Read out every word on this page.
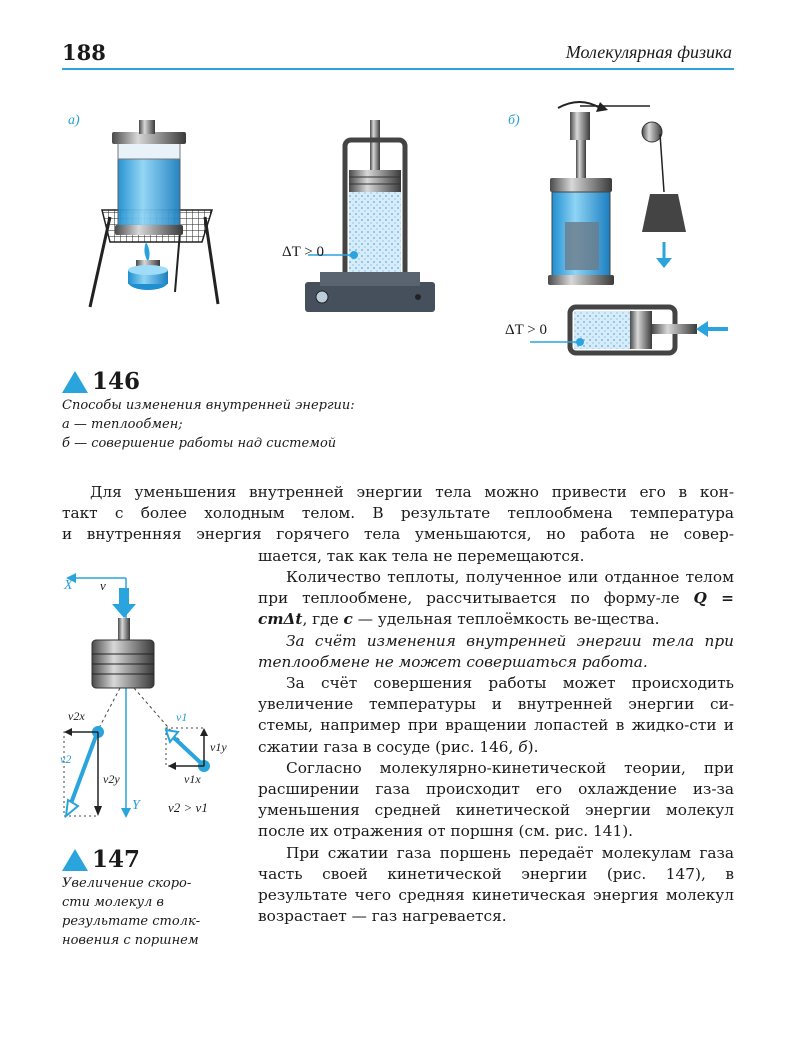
188	Молекулярная физика
а)	б)
ΔT > 0
ΔT > 0
146
Способы изменения внутренней энергии:
а — теплообмен;
б — совершение работы над системой

Для уменьшения внутренней энергии тела можно привести его в кон-

такт с более холодным телом. В результате теплообмена температура

и внутренняя энергия горячего тела уменьшаются, но работа не совер-

шается, так как тела не перемещаются.

X v
Y
v2x
v2
v2y
v1
v1y
v1x
v2 > v1
147
Увеличение скоро-
сти молекул в
результате столк-
новения с поршнем

Количество теплоты, полученное или отданное телом при теплообмене, рассчитывается по форму-ле Q = cmΔt, где c — удельная теплоёмкость ве-щества.

За счёт изменения внутренней энергии тела при теплообмене не может совершаться работа.

За счёт совершения работы может происходить увеличение температуры и внутренней энергии си-стемы, например при вращении лопастей в жидко-сти и сжатии газа в сосуде (рис. 146, б).

Согласно молекулярно-кинетической теории, при расширении газа происходит его охлаждение из-за уменьшения средней кинетической энергии молекул после их отражения от поршня (см. рис. 141).

При сжатии газа поршень передаёт молекулам газа часть своей кинетической энергии (рис. 147), в результате чего средняя кинетическая энергия молекул возрастает — газ нагревается.
